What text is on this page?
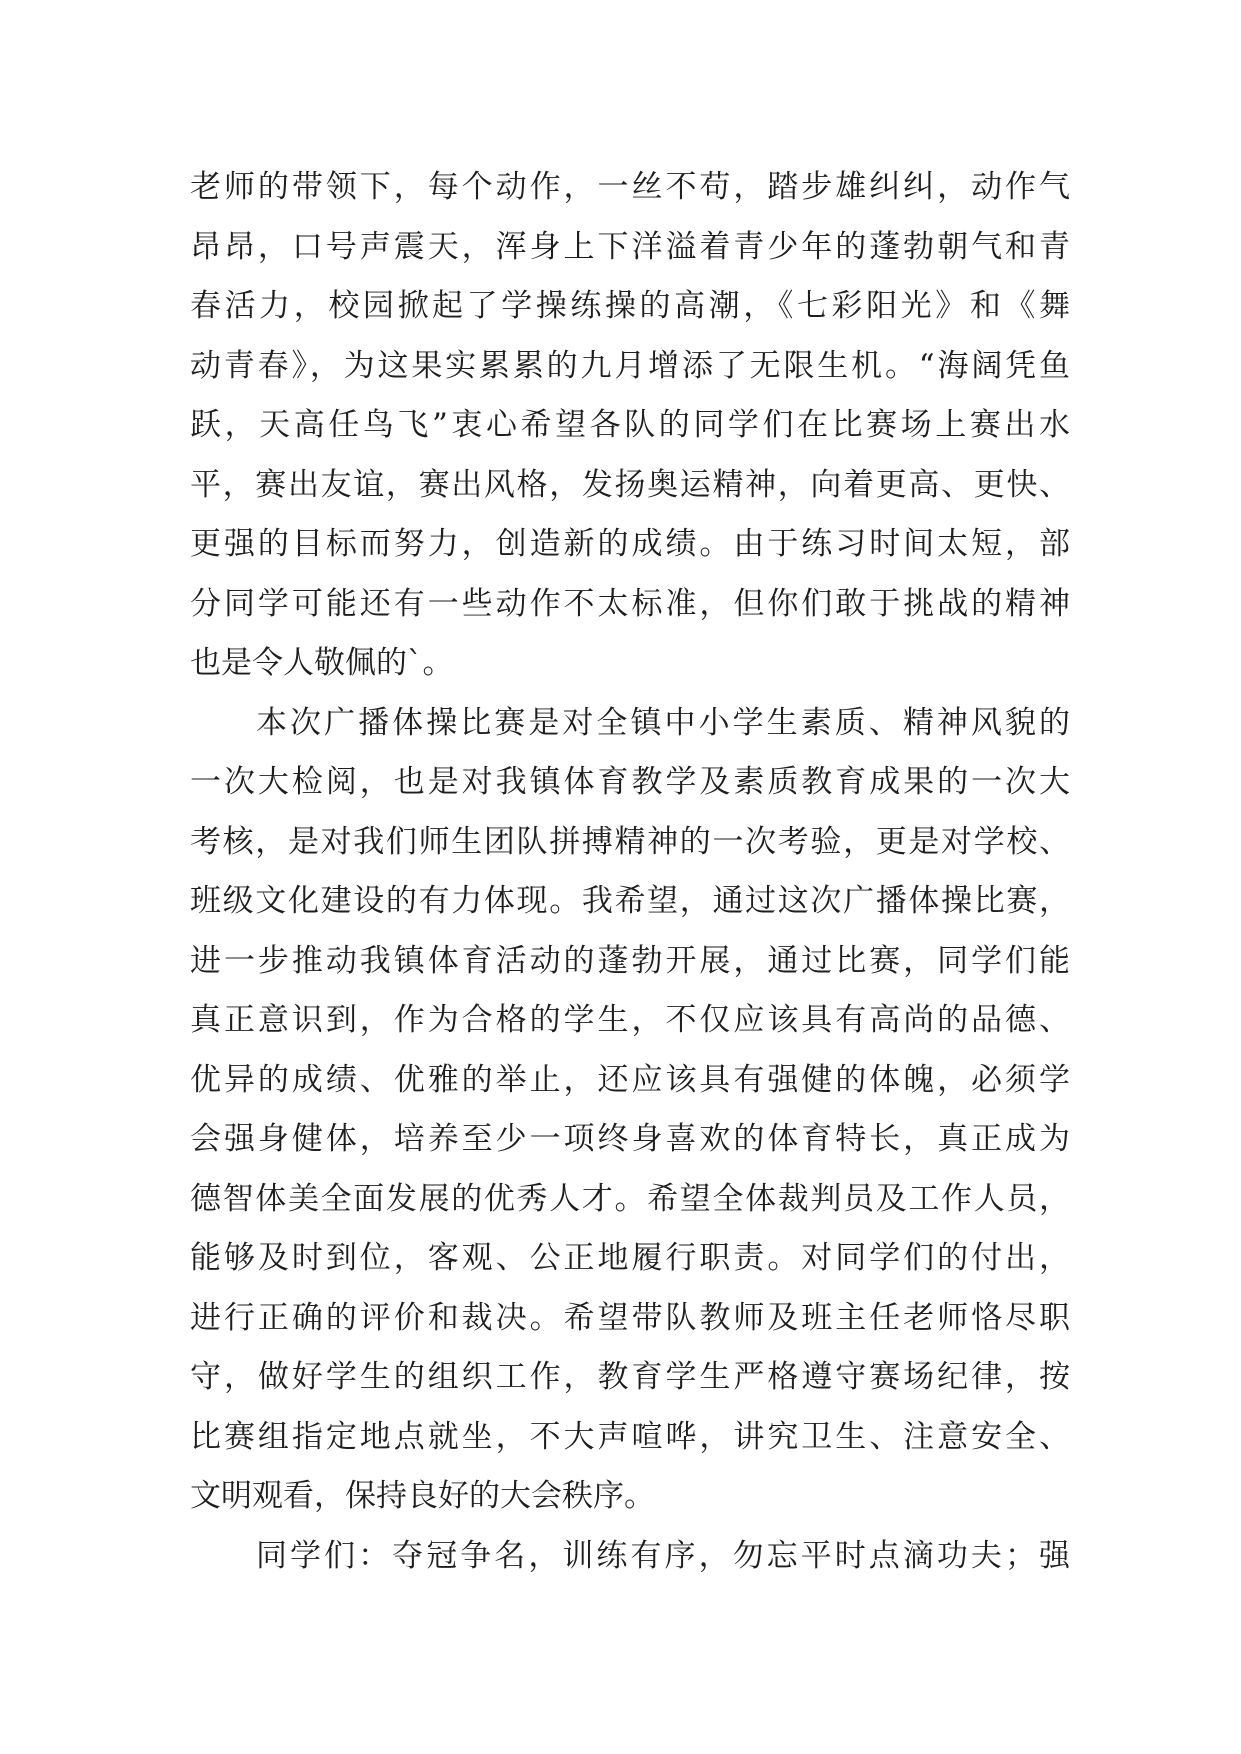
老师的带领下，每个动作，一丝不苟，踏步雄纠纠，动作气
昂昂，口号声震天，浑身上下洋溢着青少年的蓬勃朝气和青
春活力，校园掀起了学操练操的高潮，《七彩阳光》和《舞
动青春》，为这果实累累的九月增添了无限生机。“海阔凭鱼
跃，天高任鸟飞”衷心希望各队的同学们在比赛场上赛出水
平，赛出友谊，赛出风格，发扬奥运精神，向着更高、更快、
更强的目标而努力，创造新的成绩。由于练习时间太短，部
分同学可能还有一些动作不太标准，但你们敢于挑战的精神
也是令人敬佩的`。
本次广播体操比赛是对全镇中小学生素质、精神风貌的
一次大检阅，也是对我镇体育教学及素质教育成果的一次大
考核，是对我们师生团队拼搏精神的一次考验，更是对学校、
班级文化建设的有力体现。我希望，通过这次广播体操比赛，
进一步推动我镇体育活动的蓬勃开展，通过比赛，同学们能
真正意识到，作为合格的学生，不仅应该具有高尚的品德、
优异的成绩、优雅的举止，还应该具有强健的体魄，必须学
会强身健体，培养至少一项终身喜欢的体育特长，真正成为
德智体美全面发展的优秀人才。希望全体裁判员及工作人员，
能够及时到位，客观、公正地履行职责。对同学们的付出，
进行正确的评价和裁决。希望带队教师及班主任老师恪尽职
守，做好学生的组织工作，教育学生严格遵守赛场纪律，按
比赛组指定地点就坐，不大声喧哗，讲究卫生、注意安全、
文明观看，保持良好的大会秩序。
同学们：夺冠争名，训练有序，勿忘平时点滴功夫；强
